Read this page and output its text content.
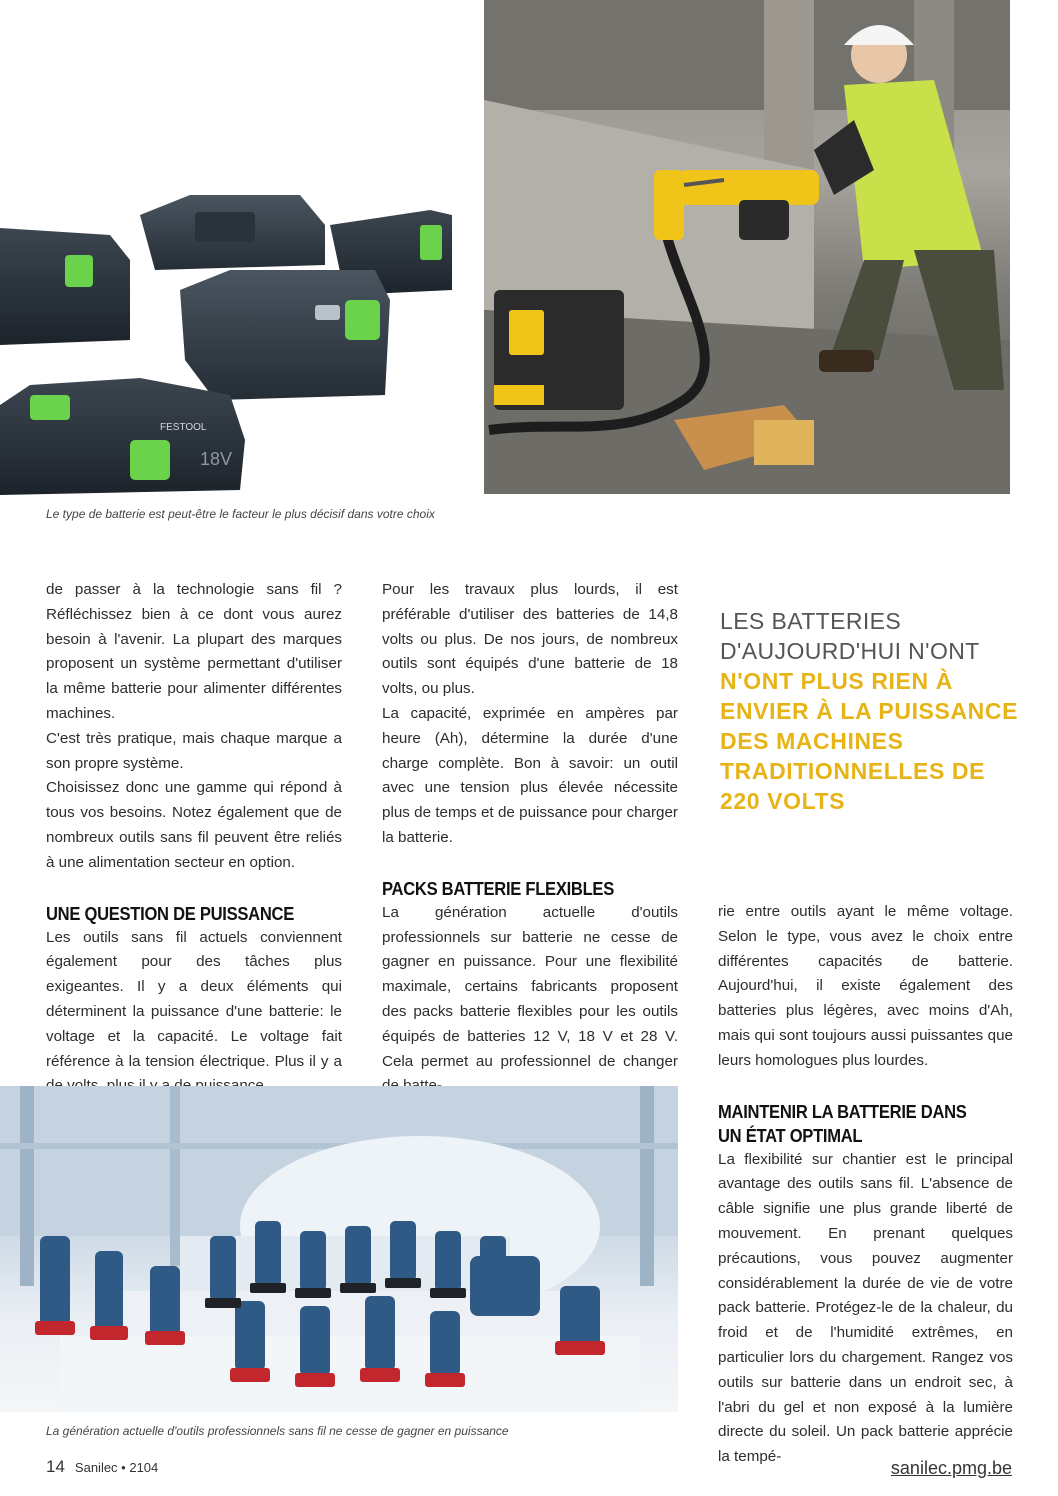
FESTOOL
18V
Le type de batterie est peut-être le facteur le plus décisif dans votre choix

de passer à la technologie sans fil ? Réfléchissez bien à ce dont vous aurez besoin à l'avenir. La plupart des marques proposent un système permettant d'utiliser la même batterie pour alimenter différentes machines.

C'est très pratique, mais chaque marque a son propre système.

Choisissez donc une gamme qui répond à tous vos besoins. Notez également que de nombreux outils sans fil peuvent être reliés à une alimentation secteur en option.

UNE QUESTION DE PUISSANCE

Les outils sans fil actuels conviennent également pour des tâches plus exigeantes. Il y a deux éléments qui déterminent la puissance d'une batterie: le voltage et la capacité. Le voltage fait référence à la tension électrique. Plus il y a

Pour les travaux plus lourds, il est préférable d'utiliser des batteries de 14,8 volts ou plus. De nos jours, de nombreux outils sont équipés d'une batterie de 18 volts, ou plus.

La capacité, exprimée en ampères par heure (Ah), détermine la durée d'une charge complète. Bon à savoir: un outil avec une tension plus élevée nécessite plus de temps et de puissance pour charger la batterie.

PACKS BATTERIE FLEXIBLES

La génération actuelle d'outils professionnels sur batterie ne cesse de gagner en puissance. Pour une flexibilité maximale, certains fabricants proposent des packs batterie flexibles pour les outils équipés de batteries 12 V, 18 V et 28 V. Cela permet au professionnel de changer

LES BATTERIES D'AUJOURD'HUI N'ONT
N'ONT PLUS RIEN À ENVIER À LA PUISSANCE DES MACHINES TRADITIONNELLES DE 220 VOLTS

rie entre outils ayant le même voltage. Selon le type, vous avez le choix entre différentes capacités de batterie. Aujourd'hui, il existe également des batteries plus légères, avec moins d'Ah, mais qui sont toujours aussi puissantes que leurs homologues plus lourdes.

MAINTENIR LA BATTERIE DANS UN ÉTAT OPTIMAL

La flexibilité sur chantier est le principal avantage des outils sans fil. L'absence de câble signifie une plus grande liberté de mouvement. En prenant quelques précautions, vous pouvez augmenter considérablement la durée de vie de votre pack batterie. Protégez-le de la chaleur, du froid et de l'humidité extrêmes, en particulier lors du chargement. Rangez vos outils sur batterie dans un endroit sec, à l'abri du gel et non exposé à la lumière directe du soleil. Un pack batterie apprécie la tempé-

La génération actuelle d'outils professionnels sans fil ne cesse de gagner en puissance
14 Sanilec • 2104	sanilec.pmg.be
